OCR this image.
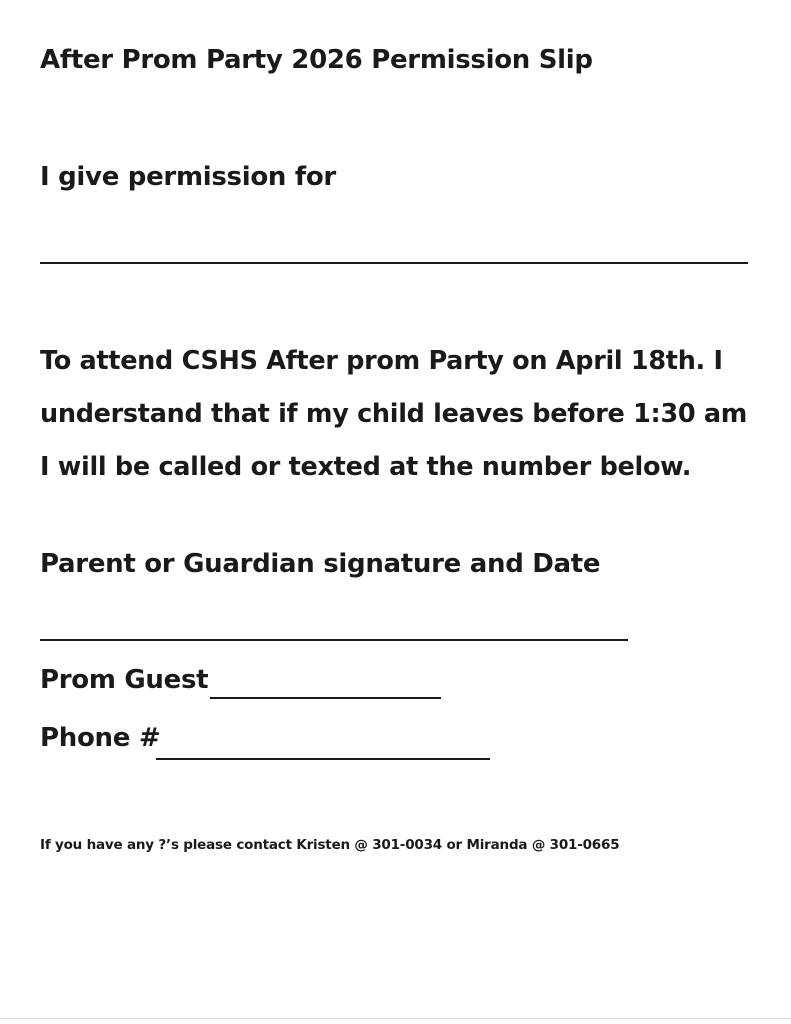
After Prom Party 2026 Permission Slip

I give permission for

To attend CSHS After prom Party on April 18th. I
understand that if my child leaves before 1:30 am
I will be called or texted at the number below.

Parent or Guardian signature and Date

Prom Guest
Phone #

If you have any ?’s please contact Kristen @ 301-0034 or Miranda @ 301-0665
